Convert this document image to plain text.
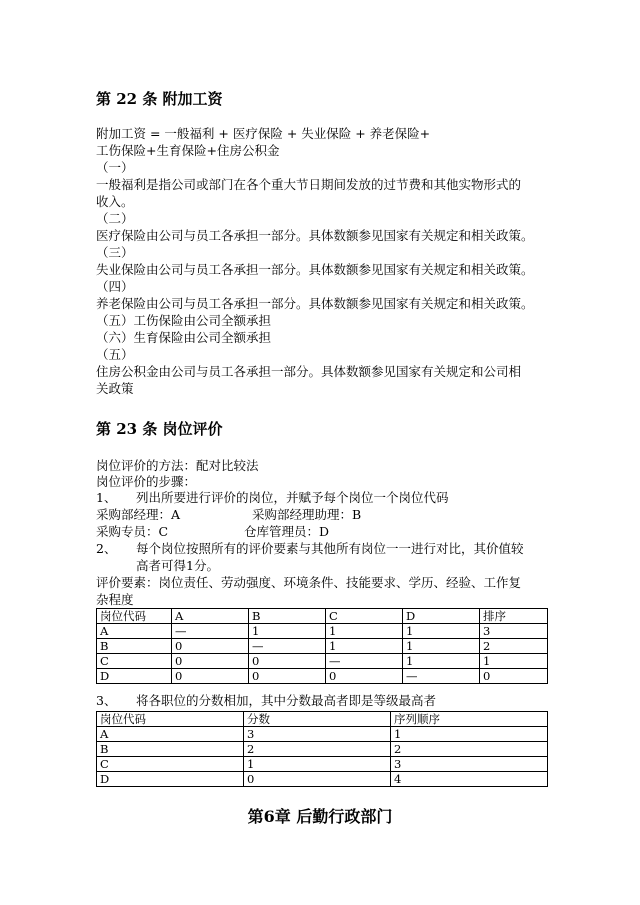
第 22 条 附加工资
附加工资 = 一般福利 + 医疗保险 + 失业保险 + 养老保险+
工伤保险+生育保险+住房公积金
（一）
一般福利是指公司或部门在各个重大节日期间发放的过节费和其他实物形式的
收入。
（二）
医疗保险由公司与员工各承担一部分。具体数额参见国家有关规定和相关政策。
（三）
失业保险由公司与员工各承担一部分。具体数额参见国家有关规定和相关政策。
（四）
养老保险由公司与员工各承担一部分。具体数额参见国家有关规定和相关政策。
（五）工伤保险由公司全额承担
（六）生育保险由公司全额承担
（五）
住房公积金由公司与员工各承担一部分。具体数额参见国家有关规定和公司相
关政策
第 23 条 岗位评价
岗位评价的方法：配对比较法
岗位评价的步骤：
1、 列出所要进行评价的岗位，并赋予每个岗位一个岗位代码
采购部经理：A	采购部经理助理：B
采购专员：C	仓库管理员：D
2、 每个岗位按照所有的评价要素与其他所有岗位一一进行对比，其价值较
高者可得1分。
评价要素：岗位责任、劳动强度、环境条件、技能要求、学历、经验、工作复
杂程度
岗位代码	A	B	C	D	排序
A	—	1	1	1	3
B	0	—	1	1	2
C	0	0	—	1	1
D	0	0	0	—	0
3、 将各职位的分数相加，其中分数最高者即是等级最高者
岗位代码	分数	序列顺序
A	3	1
B	2	2
C	1	3
D	0	4
第6章 后勤行政部门
